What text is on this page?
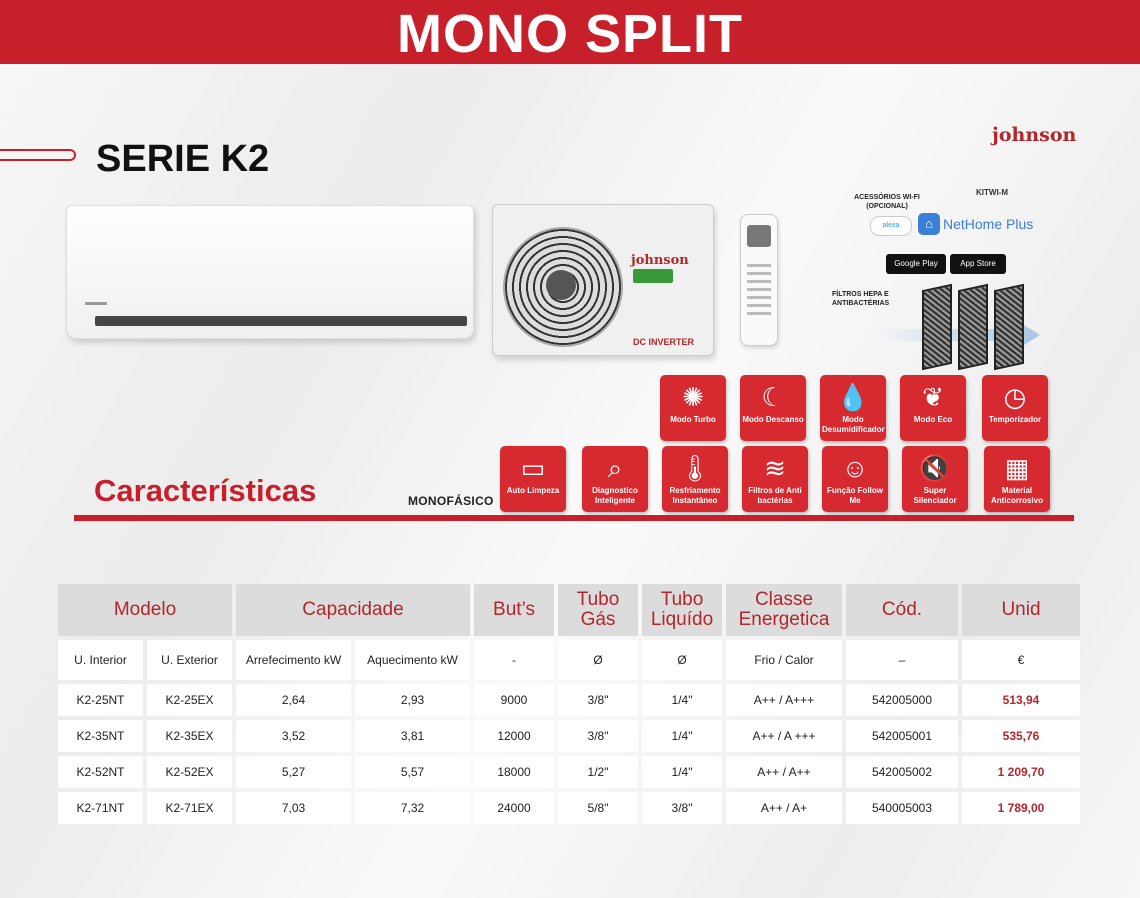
MONO SPLIT
SERIE K2
johnson
johnson
DC INVERTER
ACESSÓRIOS WI-FI (OPCIONAL)
KITWI-M
alexa	⌂ NetHome Plus
Google Play	App Store
FÍLTROS HEPA E ANTIBACTÉRIAS
✺
Modo Turbo
☾
Modo Descanso
💧
Modo Desumidificador
❦
Modo Eco
◷
Temporizador
▭
Auto Limpeza
⌕
Diagnostico Inteligente
🌡
Resfriamento Instantâneo
≋
Filtros de Anti bactérias
☺
Função Follow Me
🔇
Super Silenciador
▦
Material Anticorrosivo
Características	MONOFÁSICO
Modelo		Capacidade		But’s	Tubo Gás	Tubo Liquído	Classe Energetica	Cód.	Unid
U. Interior	U. Exterior	Arrefecimento kW	Aquecimento kW	-	Ø	Ø	Frio / Calor	–	€
K2-25NT	K2-25EX	2,64	2,93	9000	3/8"	1/4"	A++ / A+++	542005000	513,94
K2-35NT	K2-35EX	3,52	3,81	12000	3/8"	1/4"	A++ / A +++	542005001	535,76
K2-52NT	K2-52EX	5,27	5,57	18000	1/2"	1/4"	A++ / A++	542005002	1 209,70
K2-71NT	K2-71EX	7,03	7,32	24000	5/8"	3/8"	A++ / A+	540005003	1 789,00
